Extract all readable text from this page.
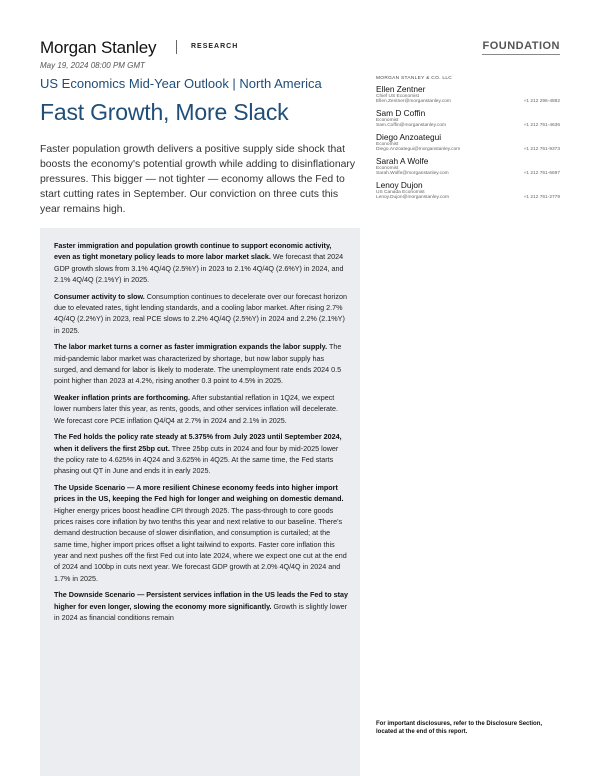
Morgan Stanley	RESEARCH	FOUNDATION
May 19, 2024 08:00 PM GMT
US Economics Mid-Year Outlook | North America
Fast Growth, More Slack
Faster population growth delivers a positive supply side shock that boosts the economy's potential growth while adding to disinflationary pressures. This bigger — not tighter — economy allows the Fed to start cutting rates in September. Our conviction on three cuts this year remains high.

Faster immigration and population growth continue to support economic activity, even as tight monetary policy leads to more labor market slack. We forecast that 2024 GDP growth slows from 3.1% 4Q/4Q (2.5%Y) in 2023 to 2.1% 4Q/4Q (2.6%Y) in 2024, and 2.1% 4Q/4Q (2.1%Y) in 2025.

Consumer activity to slow. Consumption continues to decelerate over our forecast horizon due to elevated rates, tight lending standards, and a cooling labor market. After rising 2.7% 4Q/4Q (2.2%Y) in 2023, real PCE slows to 2.2% 4Q/4Q (2.5%Y) in 2024 and 2.2% (2.1%Y) in 2025.

The labor market turns a corner as faster immigration expands the labor supply. The mid-pandemic labor market was characterized by shortage, but now labor supply has surged, and demand for labor is likely to moderate. The unemployment rate ends 2024 0.5 point higher than 2023 at 4.2%, rising another 0.3 point to 4.5% in 2025.

Weaker inflation prints are forthcoming. After substantial reflation in 1Q24, we expect lower numbers later this year, as rents, goods, and other services inflation will decelerate. We forecast core PCE inflation Q4/Q4 at 2.7% in 2024 and 2.1% in 2025.

The Fed holds the policy rate steady at 5.375% from July 2023 until September 2024, when it delivers the first 25bp cut. Three 25bp cuts in 2024 and four by mid-2025 lower the policy rate to 4.625% in 4Q24 and 3.625% in 4Q25. At the same time, the Fed starts phasing out QT in June and ends it in early 2025.

The Upside Scenario — A more resilient Chinese economy feeds into higher import prices in the US, keeping the Fed high for longer and weighing on domestic demand. Higher energy prices boost headline CPI through 2025. The pass-through to core goods prices raises core inflation by two tenths this year and next relative to our baseline. There's demand destruction because of slower disinflation, and consumption is curtailed; at the same time, higher import prices offset a light tailwind to exports. Faster core inflation this year and next pushes off the first Fed cut into late 2024, where we expect one cut at the end of 2024 and 100bp in cuts next year. We forecast GDP growth at 2.0% 4Q/4Q in 2024 and 1.7% in 2025.

The Downside Scenario — Persistent services inflation in the US leads the Fed to stay higher for even longer, slowing the economy more significantly. Growth is slightly lower in 2024 as financial conditions remain

MORGAN STANLEY & CO. LLC
Ellen Zentner
Chief US Economist
Ellen.Zentner@morganstanley.com	+1 212 296-4882
Sam D Coffin
Economist
Sam.Coffin@morganstanley.com	+1 212 761-4636
Diego Anzoategui
Economist
Diego.Anzoategui@morganstanley.com	+1 212 761-9373
Sarah A Wolfe
Economist
Sarah.Wolfe@morganstanley.com	+1 212 761-6697
Lenoy Dujon
US Canada Economist
Lenoy.Dujon@morganstanley.com	+1 212 761-2779
For important disclosures, refer to the Disclosure Section, located at the end of this report.
